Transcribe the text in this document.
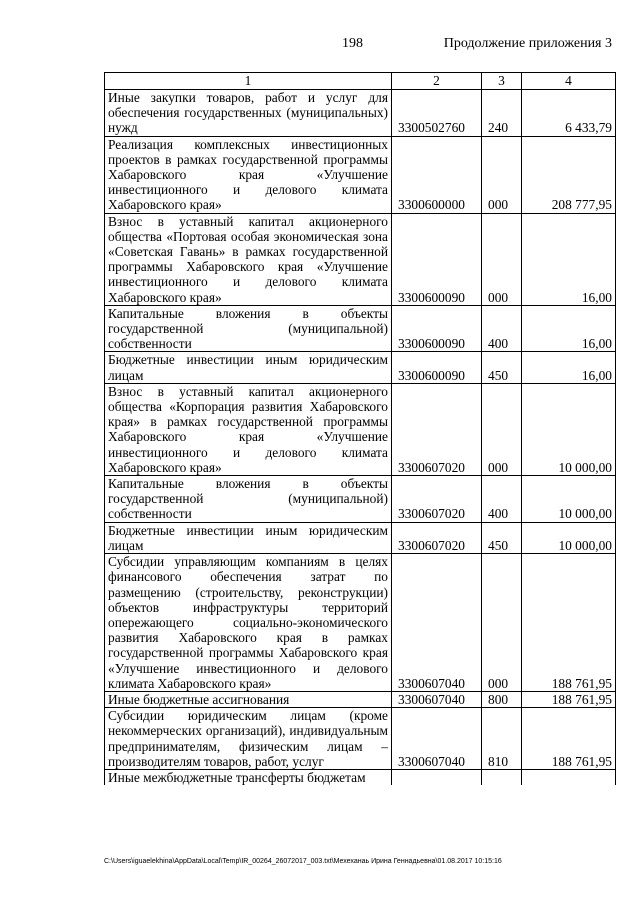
198	Продолжение приложения 3
1	2	3	4
Иные закупки товаров, работ и услуг для обеспечения государственных (муниципальных) нужд	3300502760	240	6 433,79
Реализация комплексных инвестиционных проектов в рамках государственной программы Хабаровского края «Улучшение инвестиционного и делового климата Хабаровского края»	3300600000	000	208 777,95
Взнос в уставный капитал акционерного общества «Портовая особая экономическая зона «Советская Гавань» в рамках государственной программы Хабаровского края «Улучшение инвестиционного и делового климата Хабаровского края»	3300600090	000	16,00
Капитальные вложения в объекты государственной (муниципальной) собственности	3300600090	400	16,00
Бюджетные инвестиции иным юридическим лицам	3300600090	450	16,00
Взнос в уставный капитал акционерного общества «Корпорация развития Хабаровского края» в рамках государственной программы Хабаровского края «Улучшение инвестиционного и делового климата Хабаровского края»	3300607020	000	10 000,00
Капитальные вложения в объекты государственной (муниципальной) собственности	3300607020	400	10 000,00
Бюджетные инвестиции иным юридическим лицам	3300607020	450	10 000,00
Субсидии управляющим компаниям в целях финансового обеспечения затрат по размещению (строительству, реконструкции) объектов инфраструктуры территорий опережающего социально-экономического развития Хабаровского края в рамках государственной программы Хабаровского края «Улучшение инвестиционного и делового климата Хабаровского края»	3300607040	000	188 761,95
Иные бюджетные ассигнования	3300607040	800	188 761,95
Субсидии юридическим лицам (кроме некоммерческих организаций), индивидуальным предпринимателям, физическим лицам – производителям товаров, работ, услуг	3300607040	810	188 761,95
Иные межбюджетные трансферты бюджетам			
C:\Users\iguaelekhina\AppData\Local\Temp\IR_00264_26072017_003.txt\Мехеханаь Ирина Геннадьевна\01.08.2017 10:15:16
